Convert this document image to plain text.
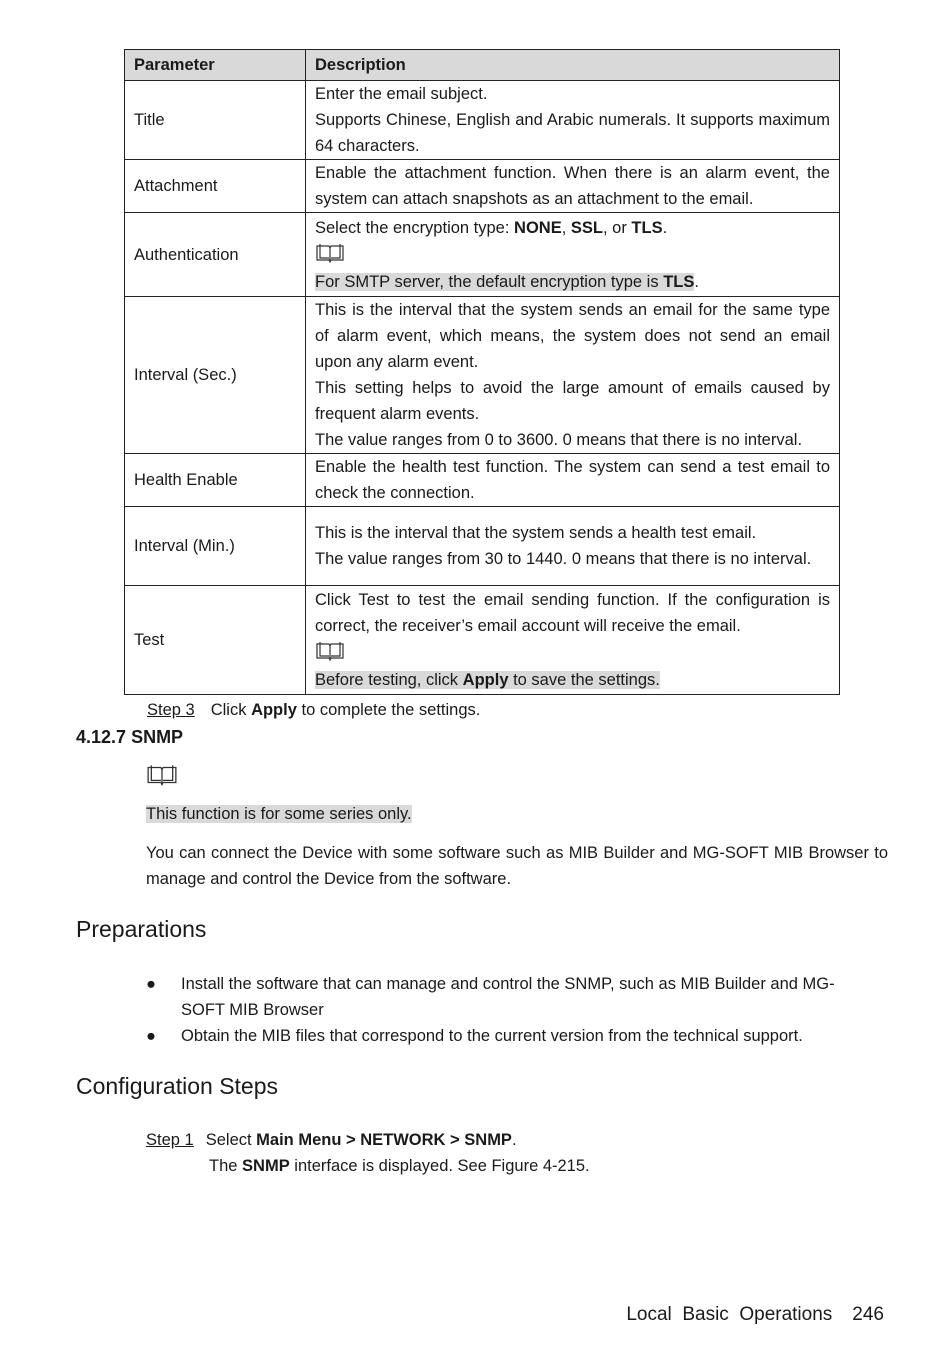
Parameter	Description
Title	Enter the email subject.
Supports Chinese, English and Arabic numerals. It supports maximum 64 characters.

Attachment	Enable the attachment function. When there is an alarm event, the system can attach snapshots as an attachment to the email.

Authentication	Select the encryption type: NONE, SSL, or TLS.
For SMTP server, the default encryption type is TLS.

Interval (Sec.)	This is the interval that the system sends an email for the same type of alarm event, which means, the system does not send an email upon any alarm event.
This setting helps to avoid the large amount of emails caused by frequent alarm events.
The value ranges from 0 to 3600. 0 means that there is no interval.

Health Enable	Enable the health test function. The system can send a test email to check the connection.

Interval (Min.)	This is the interval that the system sends a health test email.
The value ranges from 30 to 1440. 0 means that there is no interval.

Test	Click Test to test the email sending function. If the configuration is correct, the receiver’s email account will receive the email.
Before testing, click Apply to save the settings.
Step 3 Click Apply to complete the settings.
4.12.7 SNMP
This function is for some series only.
You can connect the Device with some software such as MIB Builder and MG-SOFT MIB Browser to manage and control the Device from the software.
Preparations
● Install the software that can manage and control the SNMP, such as MIB Builder and MG-SOFT MIB Browser
● Obtain the MIB files that correspond to the current version from the technical support.
Configuration Steps
Step 1 Select Main Menu > NETWORK > SNMP.
The SNMP interface is displayed. See Figure 4-215.

Local  Basic  Operations 246
